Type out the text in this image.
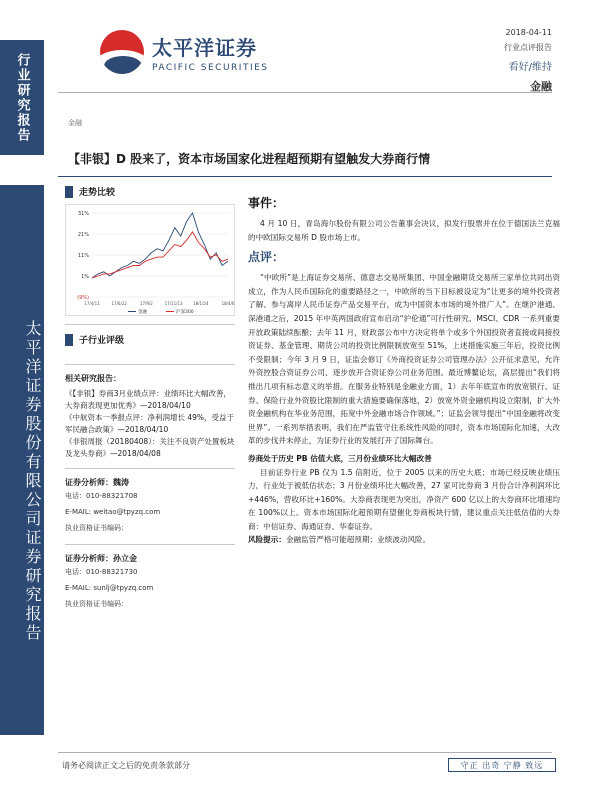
行业研究报告
太平洋证券股份有限公司证券研究报告
太平洋证券
PACIFIC SECURITIES
2018-04-11
行业点评报告
看好/维持
金融
金融
【非银】D 股来了，资本市场国家化进程超预期有望触发大券商行情
走势比较
31%
21%
11%
1%
(9%)
17/4/11	17/6/22	17/9/2	17/11/13	18/1/24	18/4/6
金融	沪深300
子行业评级
相关研究报告：
《【非银】券商3月业绩点评：业绩环比大幅改善，大券商表现更加优秀》—2018/04/10
《中航资本一季报点评：净利润增长 49%，受益于军民融合政策》—2018/04/10
《非银周报（20180408）：关注不良资产处置板块及龙头券商》—2018/04/08
证券分析师：魏涛
电话：010-88321708
E-MAIL: weitao@tpyzq.com
执业资格证书编码：
证券分析师：孙立金
电话：010-88321730
E-MAIL: sunlj@tpyzq.com
执业资格证书编码：
事件：

4 月 10 日，青岛海尔股份有限公司公告董事会决议，拟发行股票并在位于德国法兰克福的中欧国际交易所 D 股市场上市。

点评：

“中欧所”是上海证券交易所、德意志交易所集团、中国金融期货交易所三家单位共同出资成立，作为人民币国际化的重要路径之一，中欧所的当下目标被设定为“让更多的境外投资者了解、参与离岸人民币证券产品交易平台，成为中国资本市场的境外推广人”。在继沪港通、深港通之后，2015 年中英两国政府宣布启动“沪伦通”可行性研究、MSCI、CDR 一系列重要开放政策陆续酝酿；去年 11 月，财政部公布中方决定将单个或多个外国投资者直接或间接投资证券、基金管理、期货公司的投资比例限制放宽至 51%，上述措施实施三年后，投资比例不受限制；今年 3 月 9 日，证监会修订《外商投资证券公司管理办法》公开征求意见，允许外资控股合资证券公司、逐步放开合资证券公司业务范围。最近博鳌论坛，高层提出“我们将推出几项有标志意义的举措。在服务业特别是金融业方面，1）去年年底宣布的放宽银行、证券、保险行业外资股比限制的重大措施要确保落地，2）放宽外资金融机构设立限制，扩大外资金融机构在华业务范围，拓宽中外金融市场合作领域。”；证监会领导提出“中国金融将改变世界”。一系列举措表明，我们在严监管守住系统性风险的同时，资本市场国际化加速，大改革的步伐并未停止，为证券行业的发展打开了国际舞台。

券商处于历史 PB 估值大底，三月份业绩环比大幅改善

目前证券行业 PB 仅为 1.5 倍附近，位于 2005 以来的历史大底；市场已经反映业绩压力，行业处于被低估状态；3 月份业绩环比大幅改善，27 家可比券商 3 月份合计净利润环比+446%，营收环比+160%。大券商表现更为突出，净资产 600 亿以上的大券商环比增速均在 100%以上。资本市场国际化超预期有望催化券商板块行情，建议重点关注低估值的大券商：中信证券、海通证券、华泰证券。

风险提示：金融监管严格可能超预期；业绩波动风险。
请务必阅读正文之后的免责条款部分	守正 出奇 宁静 致远
